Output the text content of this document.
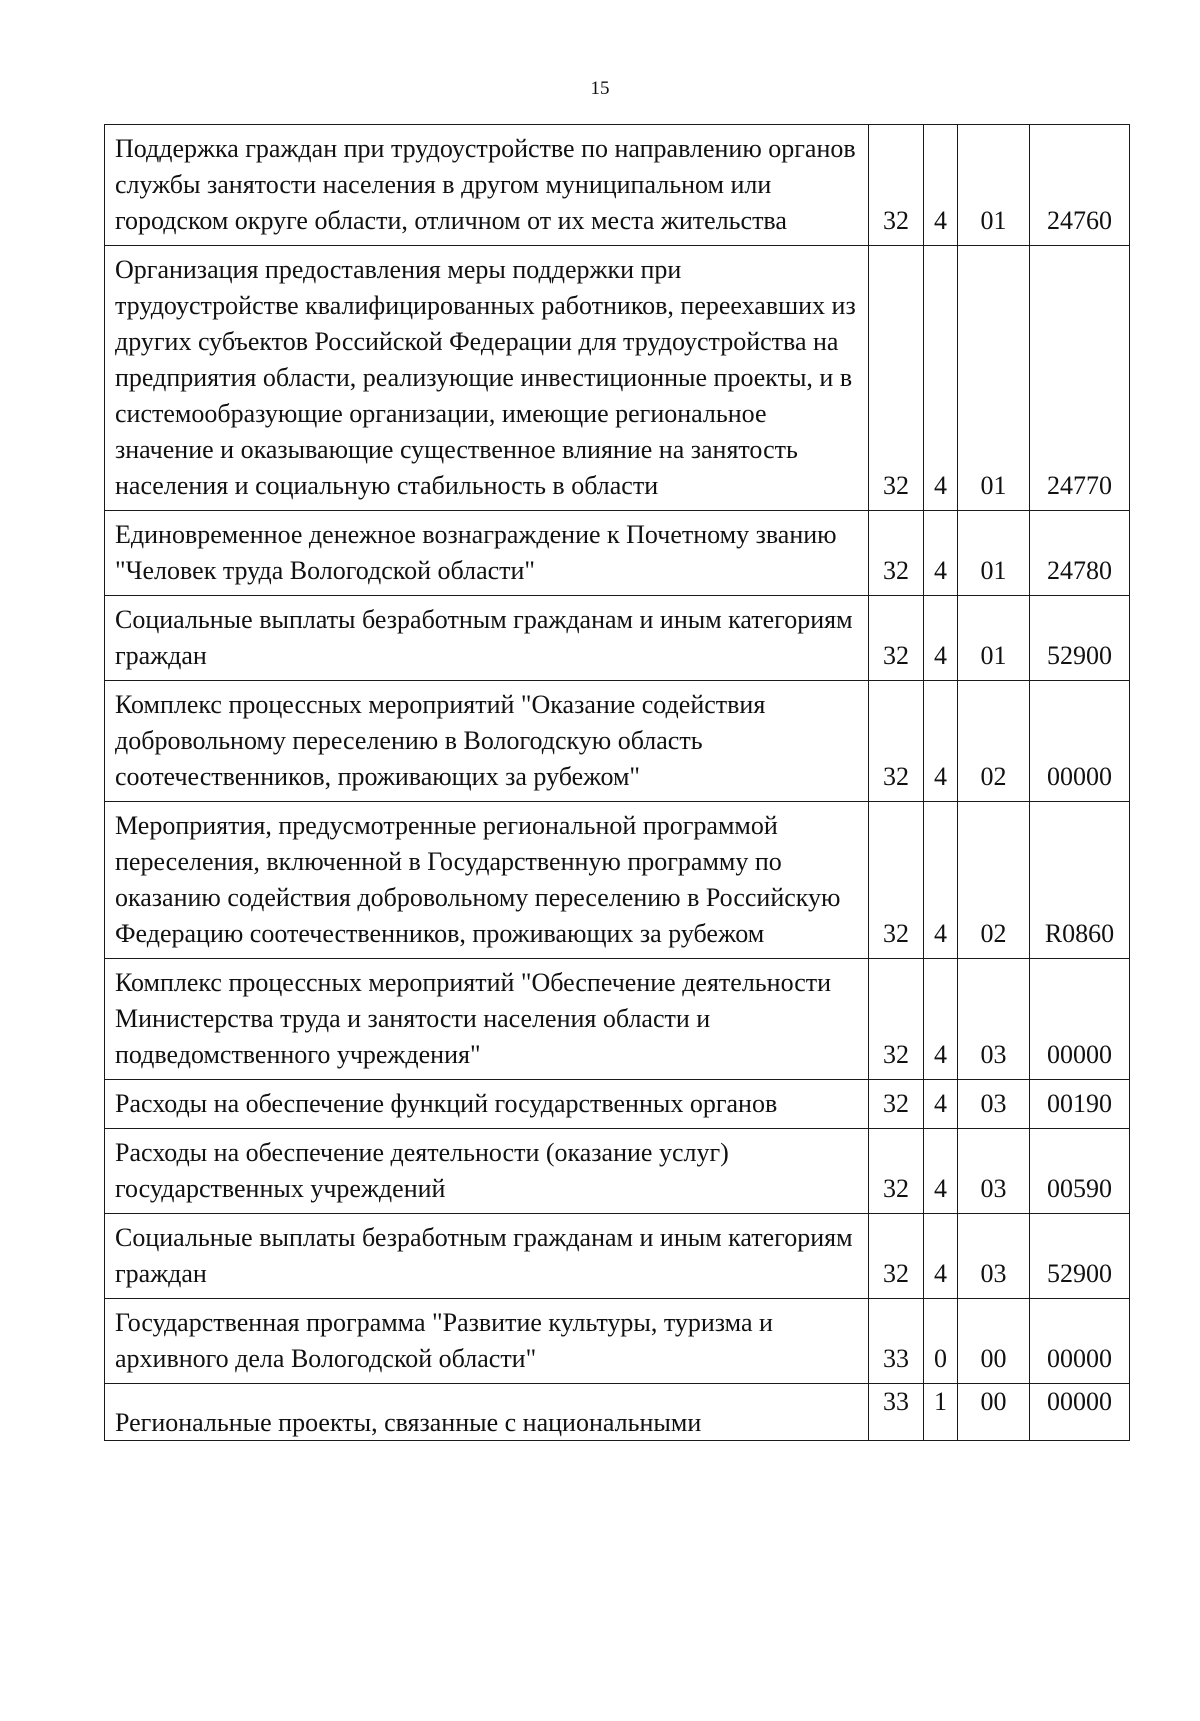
15
Поддержка граждан при трудоустройстве по направлению органов службы занятости населения в другом муниципальном или городском округе области, отличном от их места жительства	32	4	01	24760
Организация предоставления меры поддержки при трудоустройстве квалифицированных работников, переехавших из других субъектов Российской Федерации для трудоустройства на предприятия области, реализующие инвестиционные проекты, и в системообразующие организации, имеющие региональное значение и оказывающие существенное влияние на занятость населения и социальную стабильность в области	32	4	01	24770
Единовременное денежное вознаграждение к Почетному званию "Человек труда Вологодской области"	32	4	01	24780
Социальные выплаты безработным гражданам и иным категориям граждан	32	4	01	52900
Комплекс процессных мероприятий "Оказание содействия добровольному переселению в Вологодскую область соотечественников, проживающих за рубежом"	32	4	02	00000
Мероприятия, предусмотренные региональной программой переселения, включенной в Государственную программу по оказанию содействия добровольному переселению в Российскую Федерацию соотечественников, проживающих за рубежом	32	4	02	R0860
Комплекс процессных мероприятий "Обеспечение деятельности Министерства труда и занятости населения области и подведомственного учреждения"	32	4	03	00000
Расходы на обеспечение функций государственных органов	32	4	03	00190
Расходы на обеспечение деятельности (оказание услуг) государственных учреждений	32	4	03	00590
Социальные выплаты безработным гражданам и иным категориям граждан	32	4	03	52900
Государственная программа "Развитие культуры, туризма и архивного дела Вологодской области"	33	0	00	00000
Региональные проекты, связанные с национальными	33	1	00	00000
